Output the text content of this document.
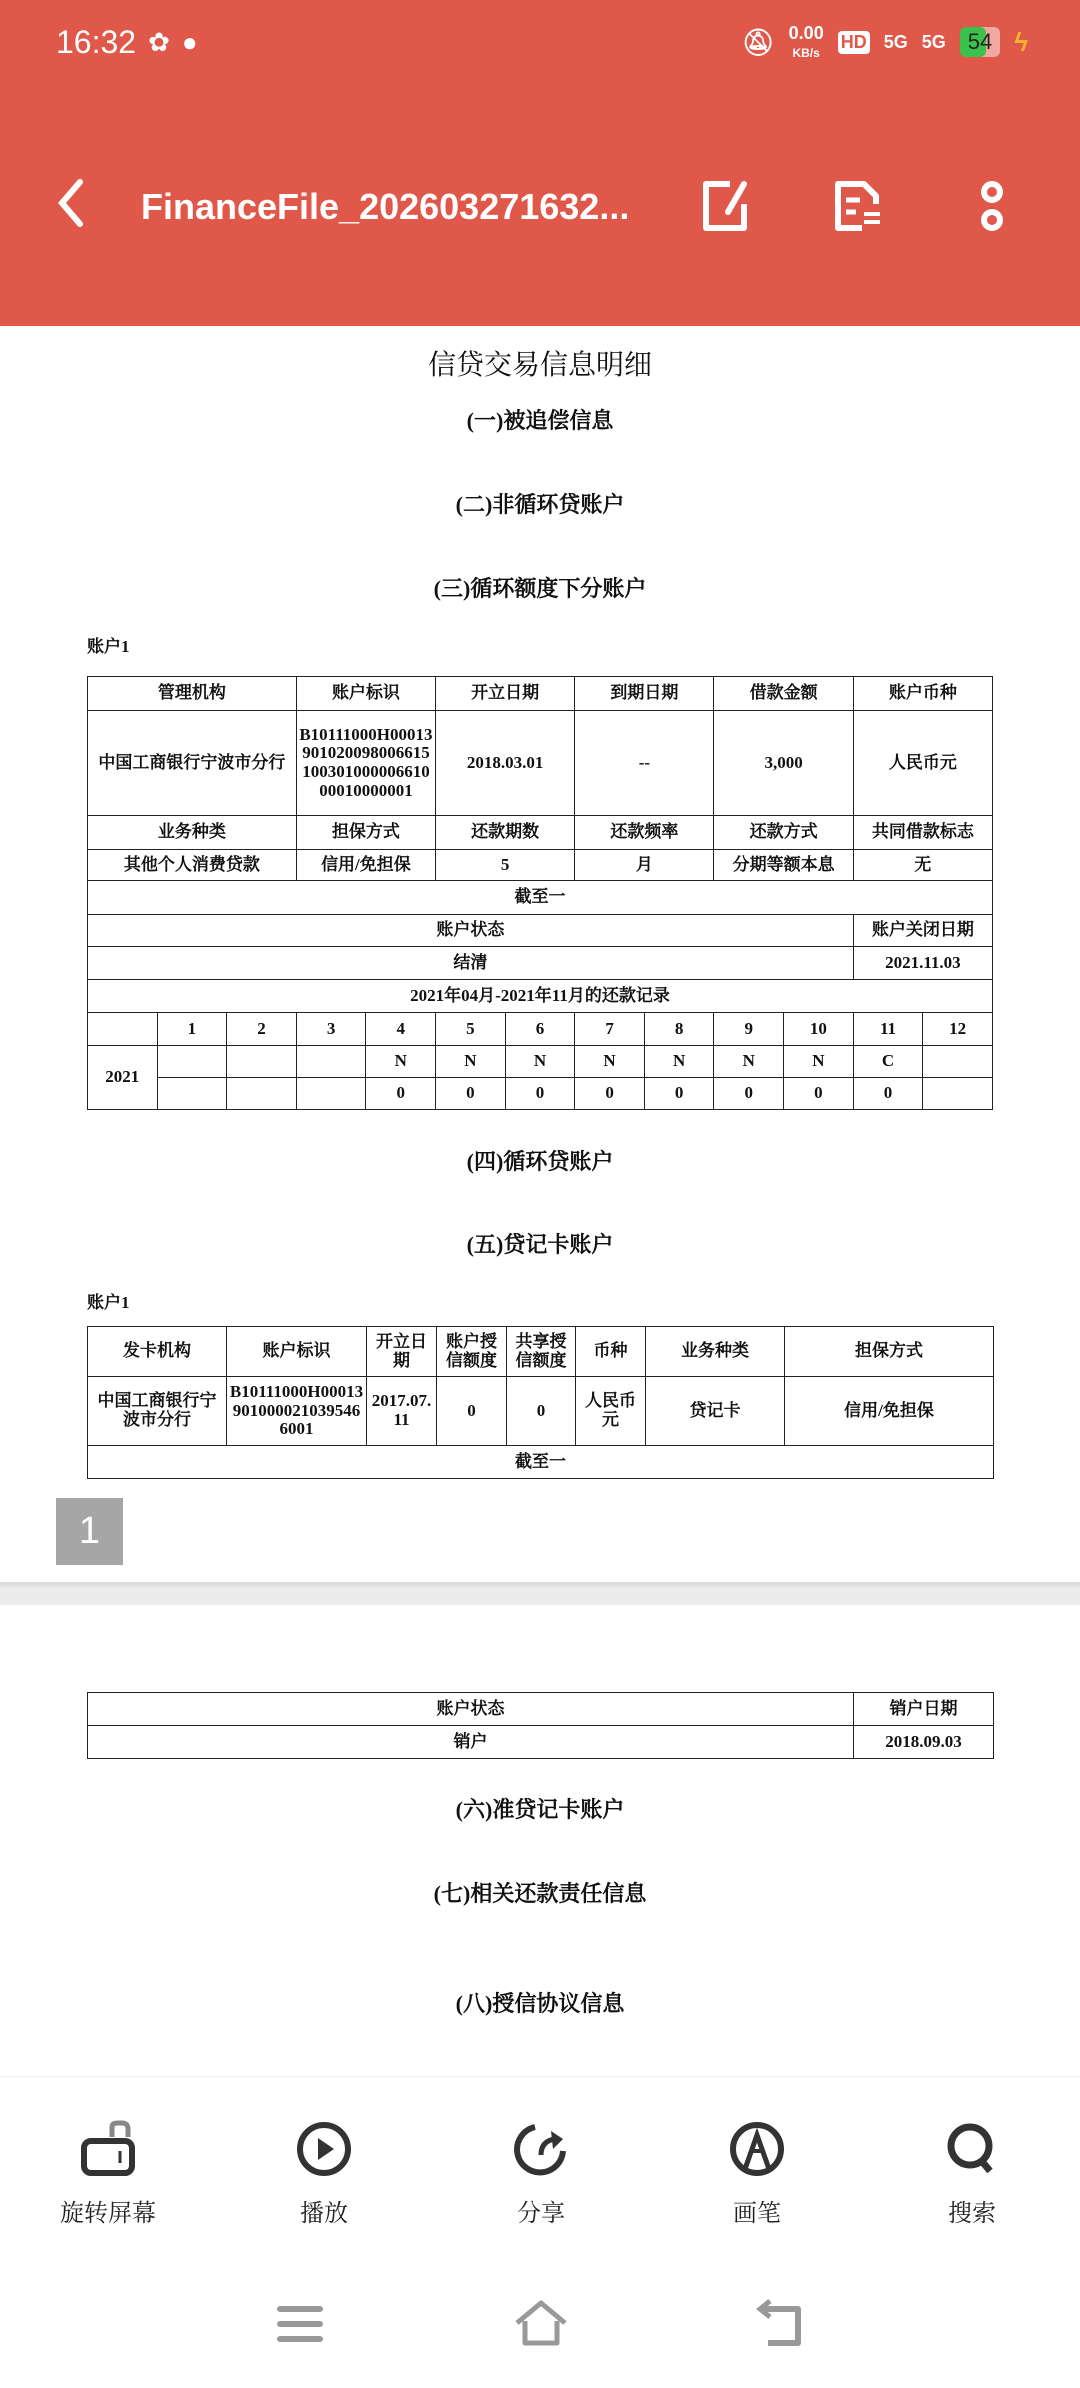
16:32 ✿ ●	🔕︎ 0.00
KB/s
HD 5G 5G	54 ϟ
FinanceFile_202603271632...
信贷交易信息明细
(一)被追偿信息
(二)非循环贷账户
(三)循环额度下分账户
账户1
管理机构			账户标识		开立日期		到期日期		借款金额		账户币种	
中国工商银行宁波市分行			B10111000H0001390102009800661510030100000661000010000001		2018.03.01		--		3,000		人民币元	
业务种类			担保方式		还款期数		还款频率		还款方式		共同借款标志	
其他个人消费贷款			信用/免担保		5		月		分期等额本息		无	
截至一												
账户状态											账户关闭日期	
结清											2021.11.03	
2021年04月-2021年11月的还款记录												
	1	2	3	4	5	6	7	8	9	10	11	12
2021				N	N	N	N	N	N	N	C	
				0	0	0	0	0	0	0	0	
(四)循环贷账户
(五)贷记卡账户
账户1
发卡机构	账户标识	开立日期	账户授信额度	共享授信额度	币种	业务种类	担保方式
中国工商银行宁波市分行	B10111000H000139010000210395466001	2017.07.11	0	0	人民币元	贷记卡	信用/免担保
截至一							
1
账户状态	销户日期
销户	2018.09.03
(六)准贷记卡账户
(七)相关还款责任信息
(八)授信协议信息
旋转屏幕	播放	分享	画笔	搜索
